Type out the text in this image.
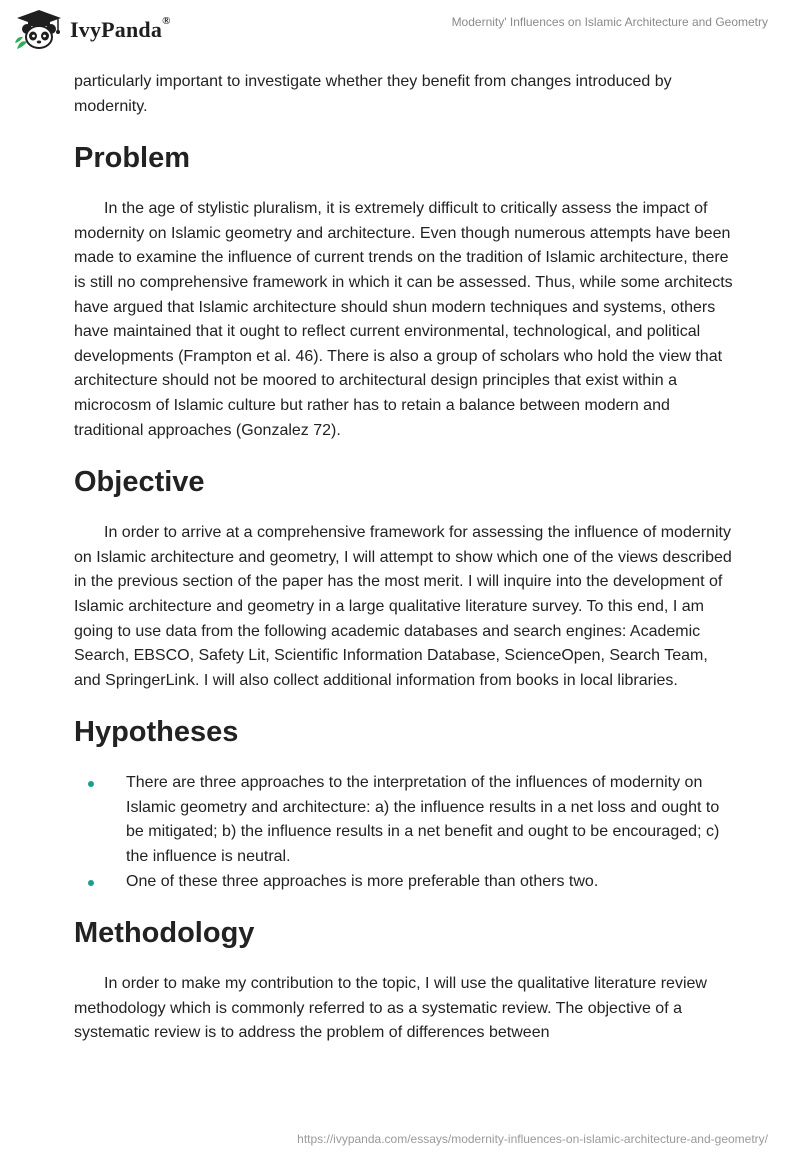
IvyPanda®	Modernity' Influences on Islamic Architecture and Geometry

particularly important to investigate whether they benefit from changes introduced by modernity.

Problem

In the age of stylistic pluralism, it is extremely difficult to critically assess the impact of modernity on Islamic geometry and architecture. Even though numerous attempts have been made to examine the influence of current trends on the tradition of Islamic architecture, there is still no comprehensive framework in which it can be assessed. Thus, while some architects have argued that Islamic architecture should shun modern techniques and systems, others have maintained that it ought to reflect current environmental, technological, and political developments (Frampton et al. 46). There is also a group of scholars who hold the view that architecture should not be moored to architectural design principles that exist within a microcosm of Islamic culture but rather has to retain a balance between modern and traditional approaches (Gonzalez 72).

Objective

In order to arrive at a comprehensive framework for assessing the influence of modernity on Islamic architecture and geometry, I will attempt to show which one of the views described in the previous section of the paper has the most merit. I will inquire into the development of Islamic architecture and geometry in a large qualitative literature survey. To this end, I am going to use data from the following academic databases and search engines: Academic Search, EBSCO, Safety Lit, Scientific Information Database, ScienceOpen, Search Team, and SpringerLink. I will also collect additional information from books in local libraries.

Hypotheses
There are three approaches to the interpretation of the influences of modernity on Islamic geometry and architecture: a) the influence results in a net loss and ought to be mitigated; b) the influence results in a net benefit and ought to be encouraged; c) the influence is neutral.
One of these three approaches is more preferable than others two.
Methodology

In order to make my contribution to the topic, I will use the qualitative literature review methodology which is commonly referred to as a systematic review. The objective of a systematic review is to address the problem of differences between

https://ivypanda.com/essays/modernity-influences-on-islamic-architecture-and-geometry/
